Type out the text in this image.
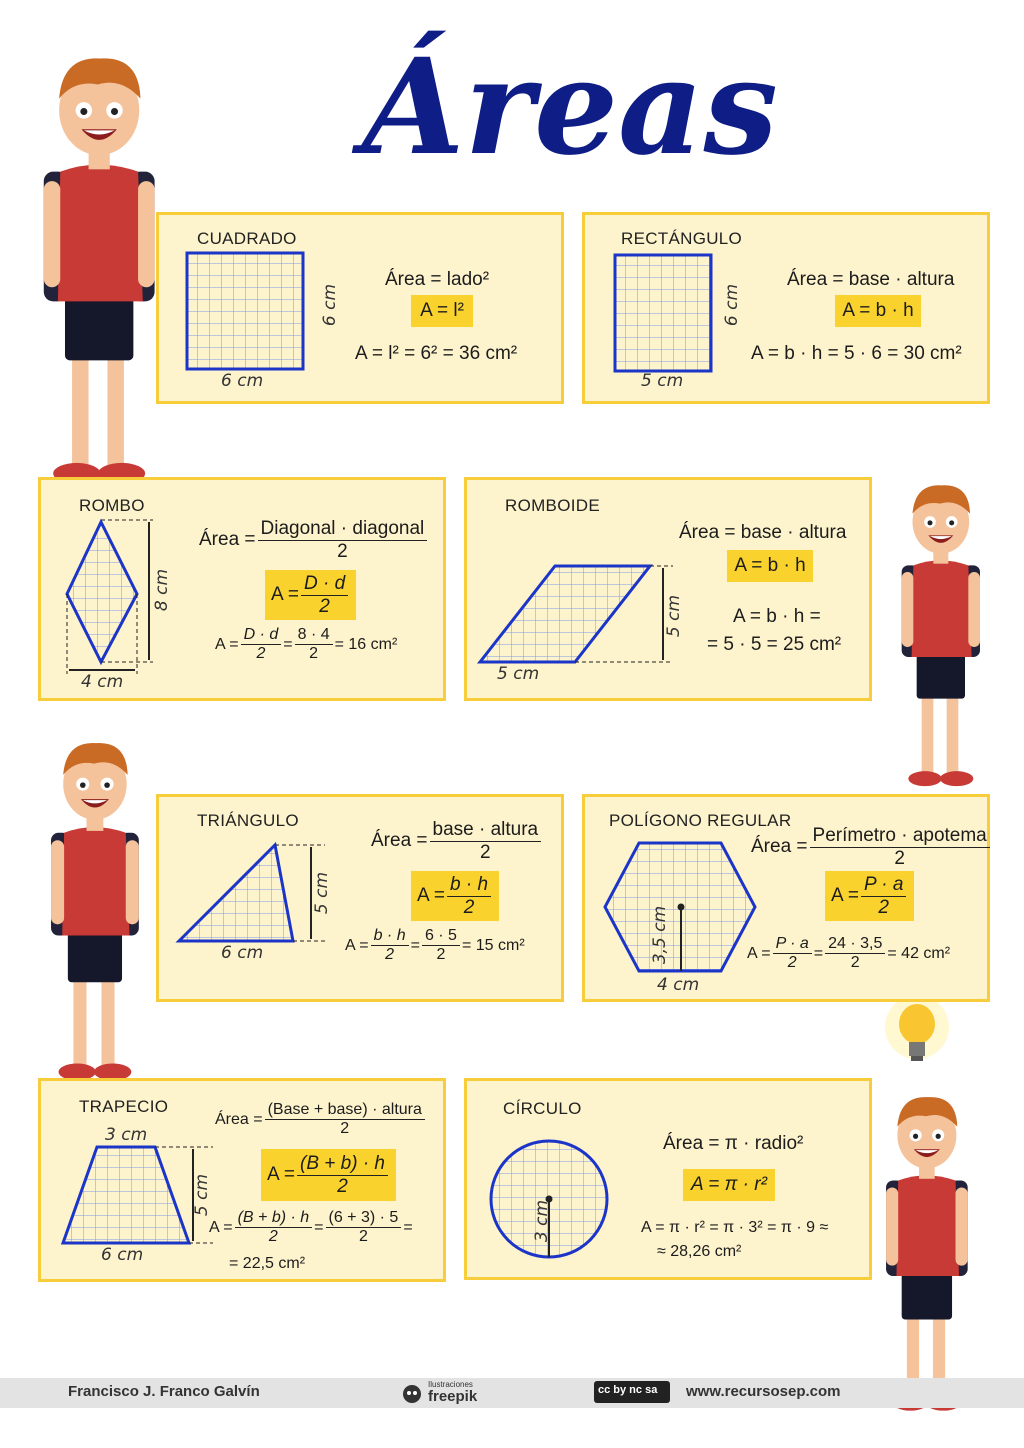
Áreas
CUADRADO
6 cm
6 cm
Área = lado²
A = l²
A = l² = 6² = 36 cm²
RECTÁNGULO
6 cm
5 cm
Área = base · altura
A = b · h
A = b · h = 5 · 6 = 30 cm²
ROMBO
8 cm
4 cm
Área = $\frac{\text{Diagonal · diagonal}}{2}$
$A = \frac{D \cdot d}{2}$
$A = \frac{D \cdot d}{2} = \frac{8 \cdot 4}{2} = 16$ cm²
ROMBOIDE
5 cm
5 cm
Área = base · altura
A = b · h
A = b · h =
= 5 · 5 = 25 cm²
TRIÁNGULO
5 cm
6 cm
Área = $\frac{\text{base · altura}}{2}$
$A = \frac{b \cdot h}{2}$
$A = \frac{b \cdot h}{2} = \frac{6 \cdot 5}{2} = 15$ cm²
POLÍGONO REGULAR
3,5 cm
4 cm
Área = $\frac{\text{Perímetro · apotema}}{2}$
$A = \frac{P \cdot a}{2}$
$A = \frac{P \cdot a}{2} = \frac{24 \cdot 3,5}{2} = 42$ cm²
TRAPECIO
3 cm
5 cm
6 cm
Área = $\frac{\text{(Base + base) · altura}}{2}$
$A = \frac{(B + b) \cdot h}{2}$
$A = \frac{(B + b) \cdot h}{2} = \frac{(6 + 3) \cdot 5}{2}$ =
= 22,5 cm²
CÍRCULO
3 cm
Área = π · radio²
A = π · r²
A = π · r² = π · 3² = π · 9 ≈
≈ 28,26 cm²
Francisco J. Franco Galvín	Ilustraciones
freepik	cc by nc sa www.recursosep.com
